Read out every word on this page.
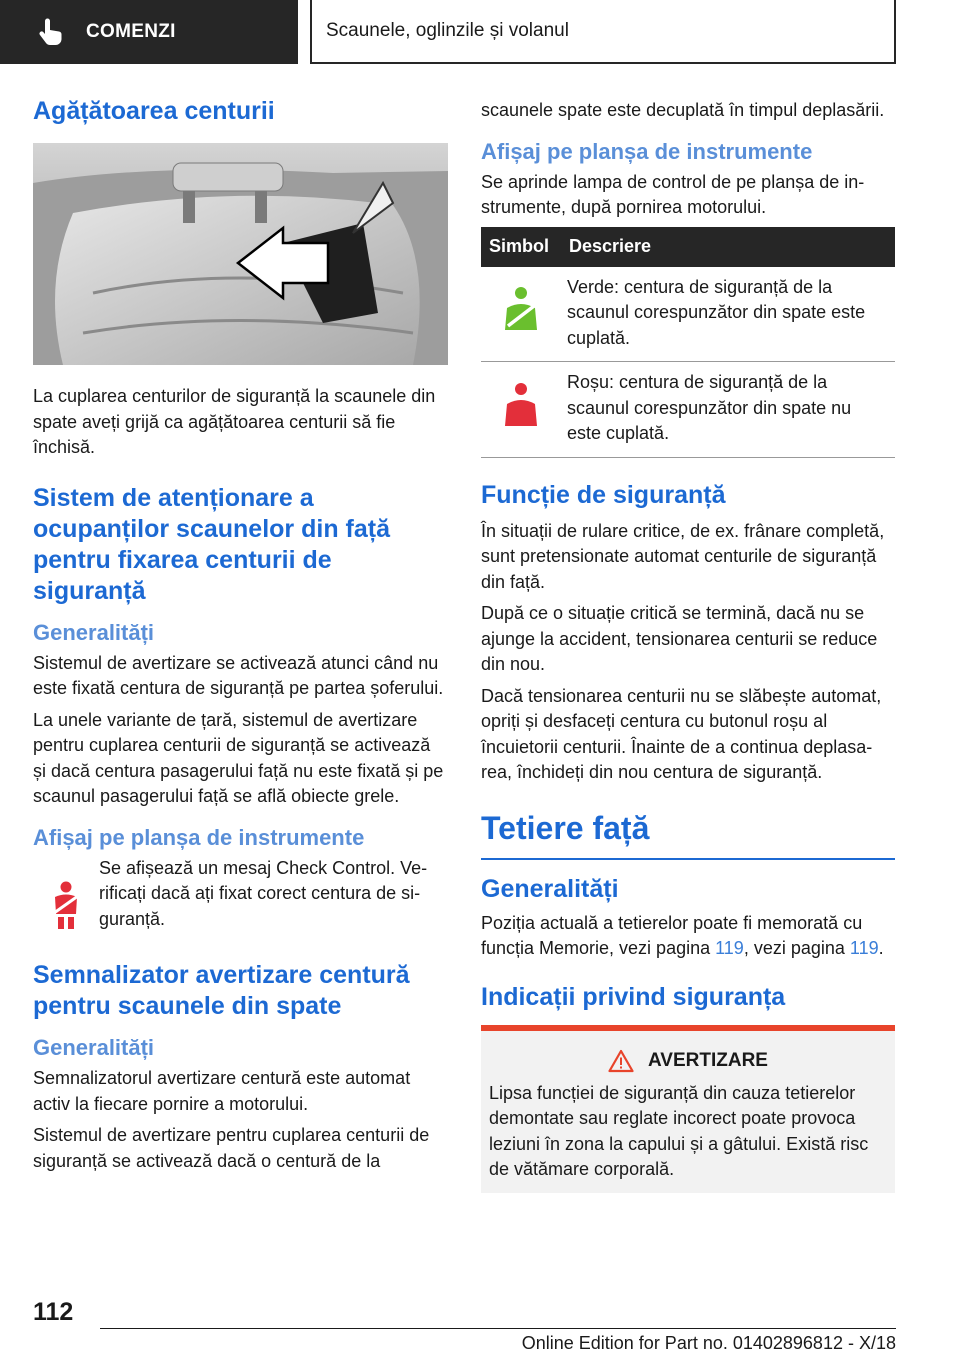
COMENZI	Scaunele, oglinzile și volanul
Agățătoarea centurii

La cuplarea centurilor de siguranță la scaunele din spate aveți grijă ca agățătoarea centurii să fie închisă.

Sistem de atenționare a ocupanților scaunelor din față pentru fixarea centurii de siguranță
Generalități

Sistemul de avertizare se activează atunci când nu este fixată centura de siguranță pe partea șoferului.

La unele variante de țară, sistemul de avertizare pentru cuplarea centurii de siguranță se activează și dacă centura pasagerului față nu este fixată și pe scaunul pasagerului față se află obiecte grele.

Afișaj pe planșa de instrumente

Se afișează un mesaj Check Control. Verificați dacă ați fixat corect centura de siguranță.

Semnalizator avertizare centură pentru scaunele din spate
Generalități

Semnalizatorul avertizare centură este automat activ la fiecare pornire a motorului.

Sistemul de avertizare pentru cuplarea centurii de siguranță se activează dacă o centură de la

scaunele spate este decuplată în timpul deplasării.

Afișaj pe planșa de instrumente

Se aprinde lampa de control de pe planșa de instrumente, după pornirea motorului.

Simbol	Descriere
	Verde: centura de siguranță de la scaunul corespunzător din spate este cuplată.
	Roșu: centura de siguranță de la scaunul corespunzător din spate nu este cuplată.
Funcție de siguranță

În situații de rulare critice, de ex. frânare completă, sunt pretensionate automat centurile de siguranță din față.

După ce o situație critică se termină, dacă nu se ajunge la accident, tensionarea centurii se reduce din nou.

Dacă tensionarea centurii nu se slăbește automat, opriți și desfaceți centura cu butonul roșu al încuietorii centurii. Înainte de a continua deplasarea, închideți din nou centura de siguranță.

Tetiere față
Generalități

Poziția actuală a tetierelor poate fi memorată cu funcția Memorie, vezi pagina 119, vezi pagina 119.

Indicații privind siguranța
AVERTIZARE

Lipsa funcției de siguranță din cauza tetierelor demontate sau reglate incorect poate provoca leziuni în zona la capului și a gâtului. Există risc de vătămare corporală.

112
Online Edition for Part no. 01402896812 - X/18
